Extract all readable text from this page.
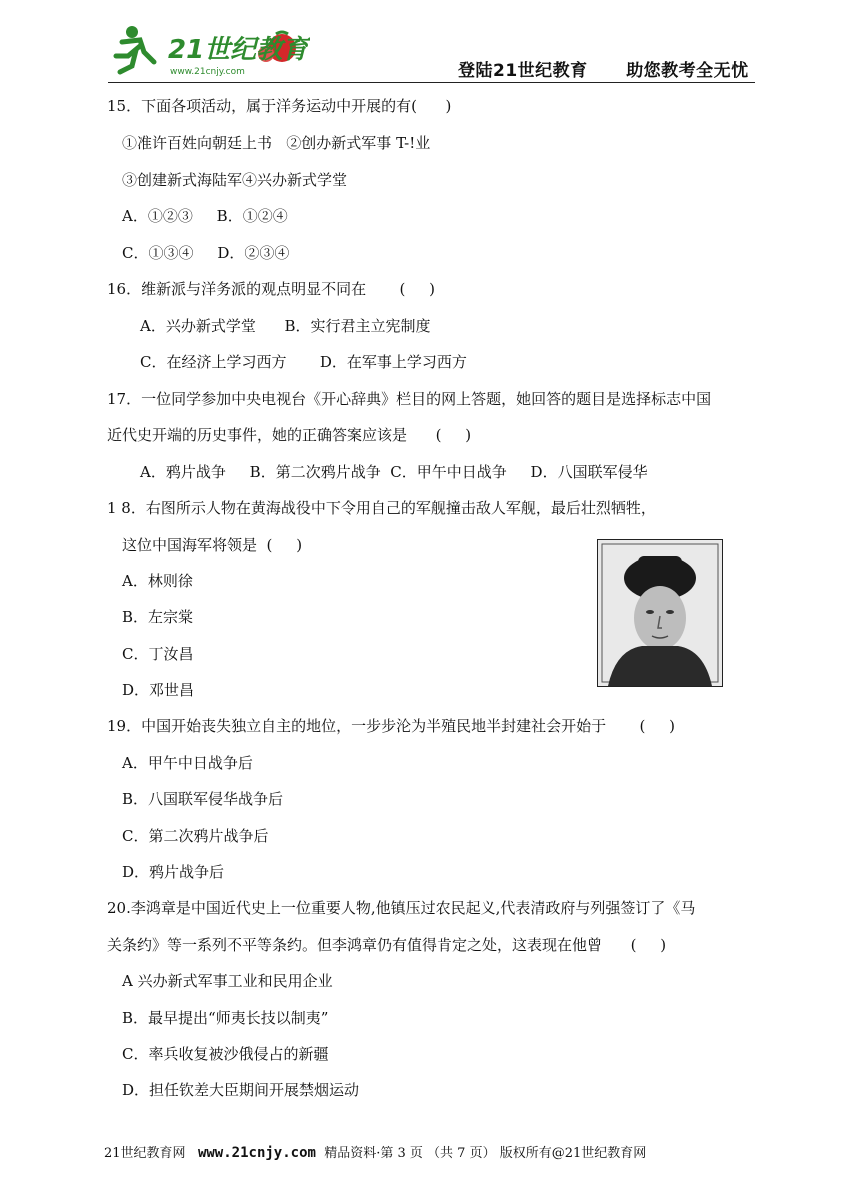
21世纪教育
www.21cnjy.com	登陆21世纪教育 助您教考全无忧
15．下面各项活动，属于洋务运动中开展的有(      )
①准许百姓向朝廷上书   ②创办新式军事 T-!业
③创建新式海陆军④兴办新式学堂
A．①②③     B．①②④
C．①③④     D．②③④
16．维新派与洋务派的观点明显不同在       (     )
A．兴办新式学堂      B．实行君主立宪制度
C．在经济上学习西方       D．在军事上学习西方
17．一位同学参加中央电视台《开心辞典》栏目的网上答题，她回答的题目是选择标志中国
近代史开端的历史事件，她的正确答案应该是      (     )
A．鸦片战争     B．第二次鸦片战争  C．甲午中日战争     D．八国联军侵华
1 8．右图所示人物在黄海战役中下令用自己的军舰撞击敌人军舰，最后壮烈牺牲，
这位中国海军将领是  (     )
A．林则徐
B．左宗棠
C．丁汝昌
D．邓世昌
19．中国开始丧失独立自主的地位，一步步沦为半殖民地半封建社会开始于       (     )
A．甲午中日战争后
B．八国联军侵华战争后
C．第二次鸦片战争后
D．鸦片战争后
20.李鸿章是中国近代史上一位重要人物,他镇压过农民起义,代表清政府与列强签订了《马
关条约》等一系列不平等条约。但李鸿章仍有值得肯定之处，这表现在他曾      (     )
A 兴办新式军事工业和民用企业
B．最早提出“师夷长技以制夷”
C．率兵收复被沙俄侵占的新疆
D．担任钦差大臣期间开展禁烟运动
21世纪教育网   www.21cnjy.com  精品资料·第 3 页 （共 7 页） 版权所有@21世纪教育网
